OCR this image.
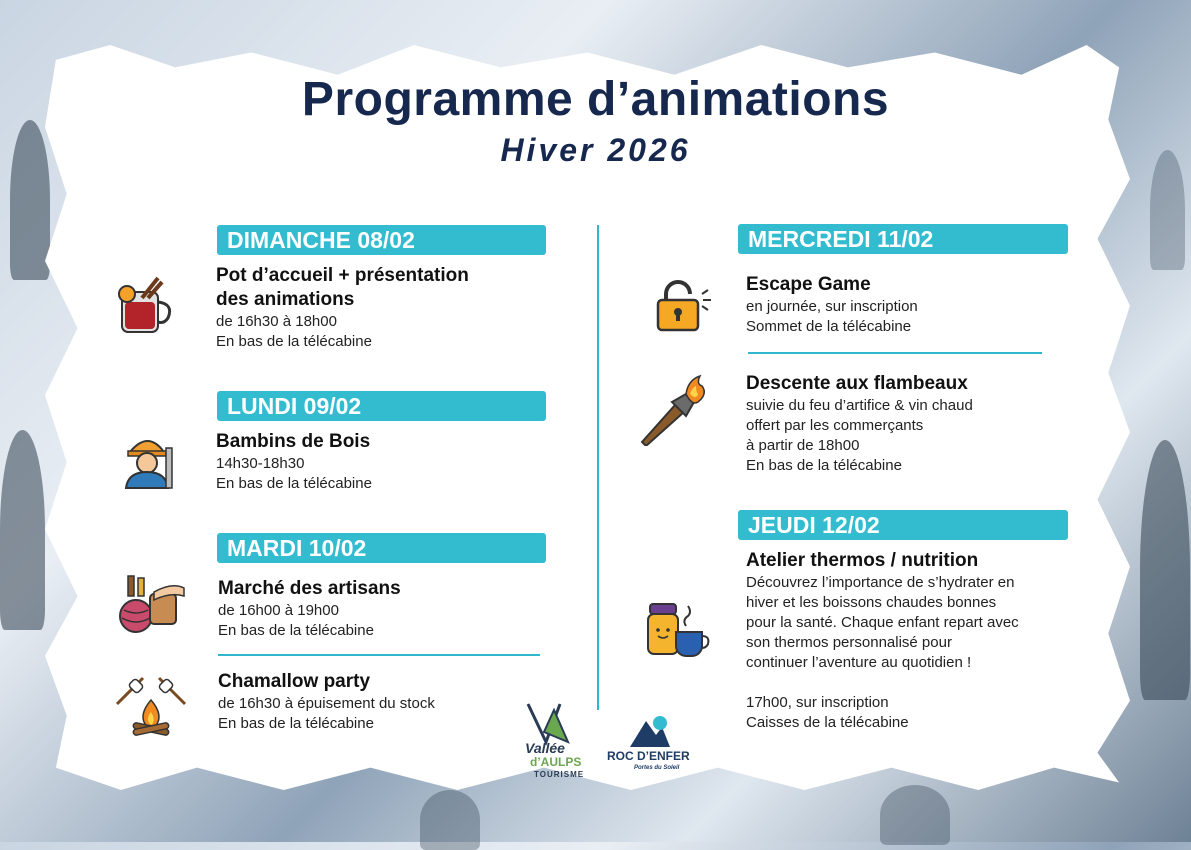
Programme d’animations
Hiver 2026
DIMANCHE 08/02
Pot d’accueil + présentation
des animations
de 16h30 à 18h00
En bas de la télécabine
LUNDI 09/02
Bambins de Bois
14h30-18h30
En bas de la télécabine
MARDI 10/02
Marché des artisans
de 16h00 à 19h00
En bas de la télécabine
Chamallow party
de 16h30 à épuisement du stock
En bas de la télécabine
MERCREDI 11/02
Escape Game
en journée, sur inscription
Sommet de la télécabine
Descente aux flambeaux
suivie du feu d’artifice & vin chaud
offert par les commerçants
à partir de 18h00
En bas de la télécabine
JEUDI 12/02
Atelier thermos / nutrition
Découvrez l’importance de s’hydrater en
hiver et les boissons chaudes bonnes
pour la santé. Chaque enfant repart avec
son thermos personnalisé pour
continuer l’aventure au quotidien !
17h00, sur inscription
Caisses de la télécabine
Vallée
d’AULPS
TOURISME
ROC D’ENFER
Portes du Soleil
